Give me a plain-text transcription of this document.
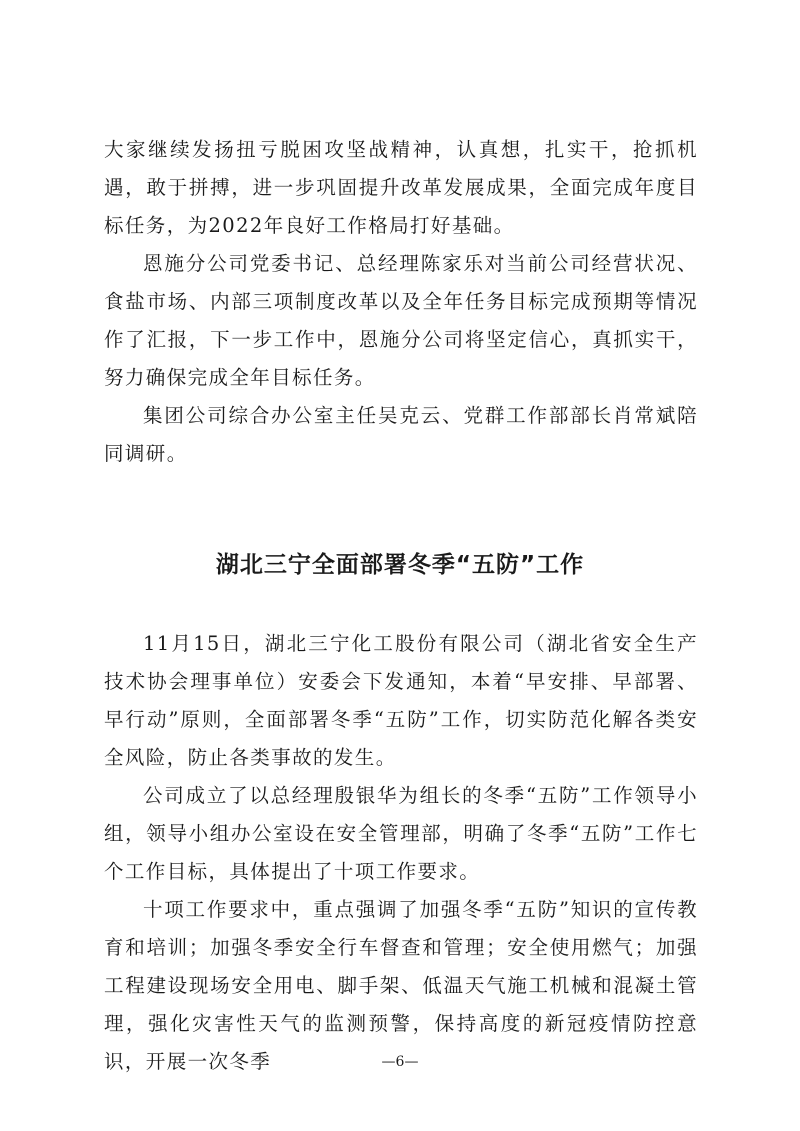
大家继续发扬扭亏脱困攻坚战精神，认真想，扎实干，抢抓机遇，敢于拼搏，进一步巩固提升改革发展成果，全面完成年度目标任务，为2022年良好工作格局打好基础。

恩施分公司党委书记、总经理陈家乐对当前公司经营状况、食盐市场、内部三项制度改革以及全年任务目标完成预期等情况作了汇报，下一步工作中，恩施分公司将坚定信心，真抓实干，努力确保完成全年目标任务。

集团公司综合办公室主任吴克云、党群工作部部长肖常斌陪同调研。

湖北三宁全面部署冬季“五防”工作

11月15日，湖北三宁化工股份有限公司（湖北省安全生产技术协会理事单位）安委会下发通知，本着“早安排、早部署、早行动”原则，全面部署冬季“五防”工作，切实防范化解各类安全风险，防止各类事故的发生。

公司成立了以总经理殷银华为组长的冬季“五防”工作领导小组，领导小组办公室设在安全管理部，明确了冬季“五防”工作七个工作目标，具体提出了十项工作要求。

十项工作要求中，重点强调了加强冬季“五防”知识的宣传教育和培训；加强冬季安全行车督查和管理；安全使用燃气；加强工程建设现场安全用电、脚手架、低温天气施工机械和混凝土管理，强化灾害性天气的监测预警，保持高度的新冠疫情防控意识，开展一次冬季	—6—
